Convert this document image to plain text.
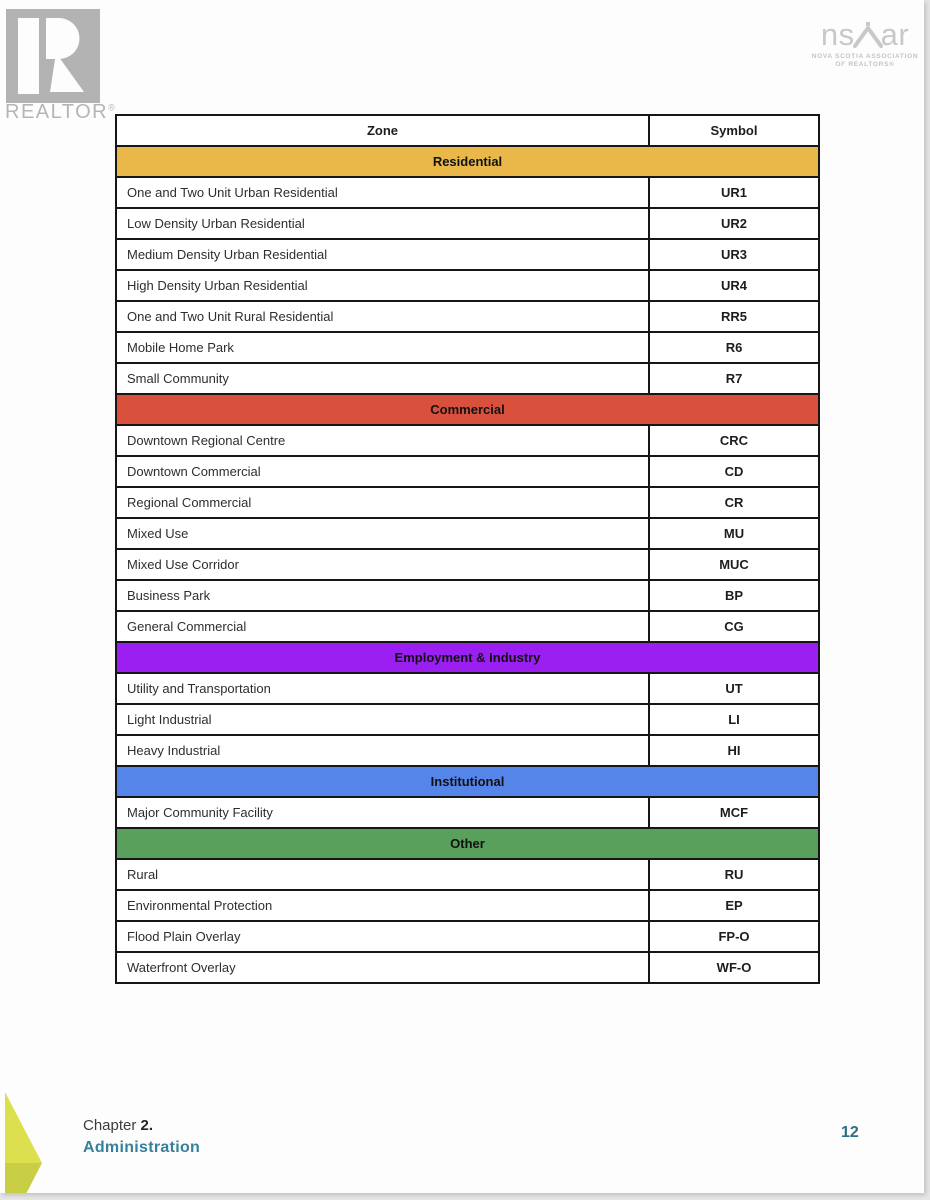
REALTOR®
ns ar
NOVA SCOTIA ASSOCIATION
OF REALTORS®
Zone	Symbol
Residential	
One and Two Unit Urban Residential	UR1
Low Density Urban Residential	UR2
Medium Density Urban Residential	UR3
High Density Urban Residential	UR4
One and Two Unit Rural Residential	RR5
Mobile Home Park	R6
Small Community	R7
Commercial	
Downtown Regional Centre	CRC
Downtown Commercial	CD
Regional Commercial	CR
Mixed Use	MU
Mixed Use Corridor	MUC
Business Park	BP
General Commercial	CG
Employment & Industry	
Utility and Transportation	UT
Light Industrial	LI
Heavy Industrial	HI
Institutional	
Major Community Facility	MCF
Other	
Rural	RU
Environmental Protection	EP
Flood Plain Overlay	FP-O
Waterfront Overlay	WF-O
Chapter 2.
Administration
12
